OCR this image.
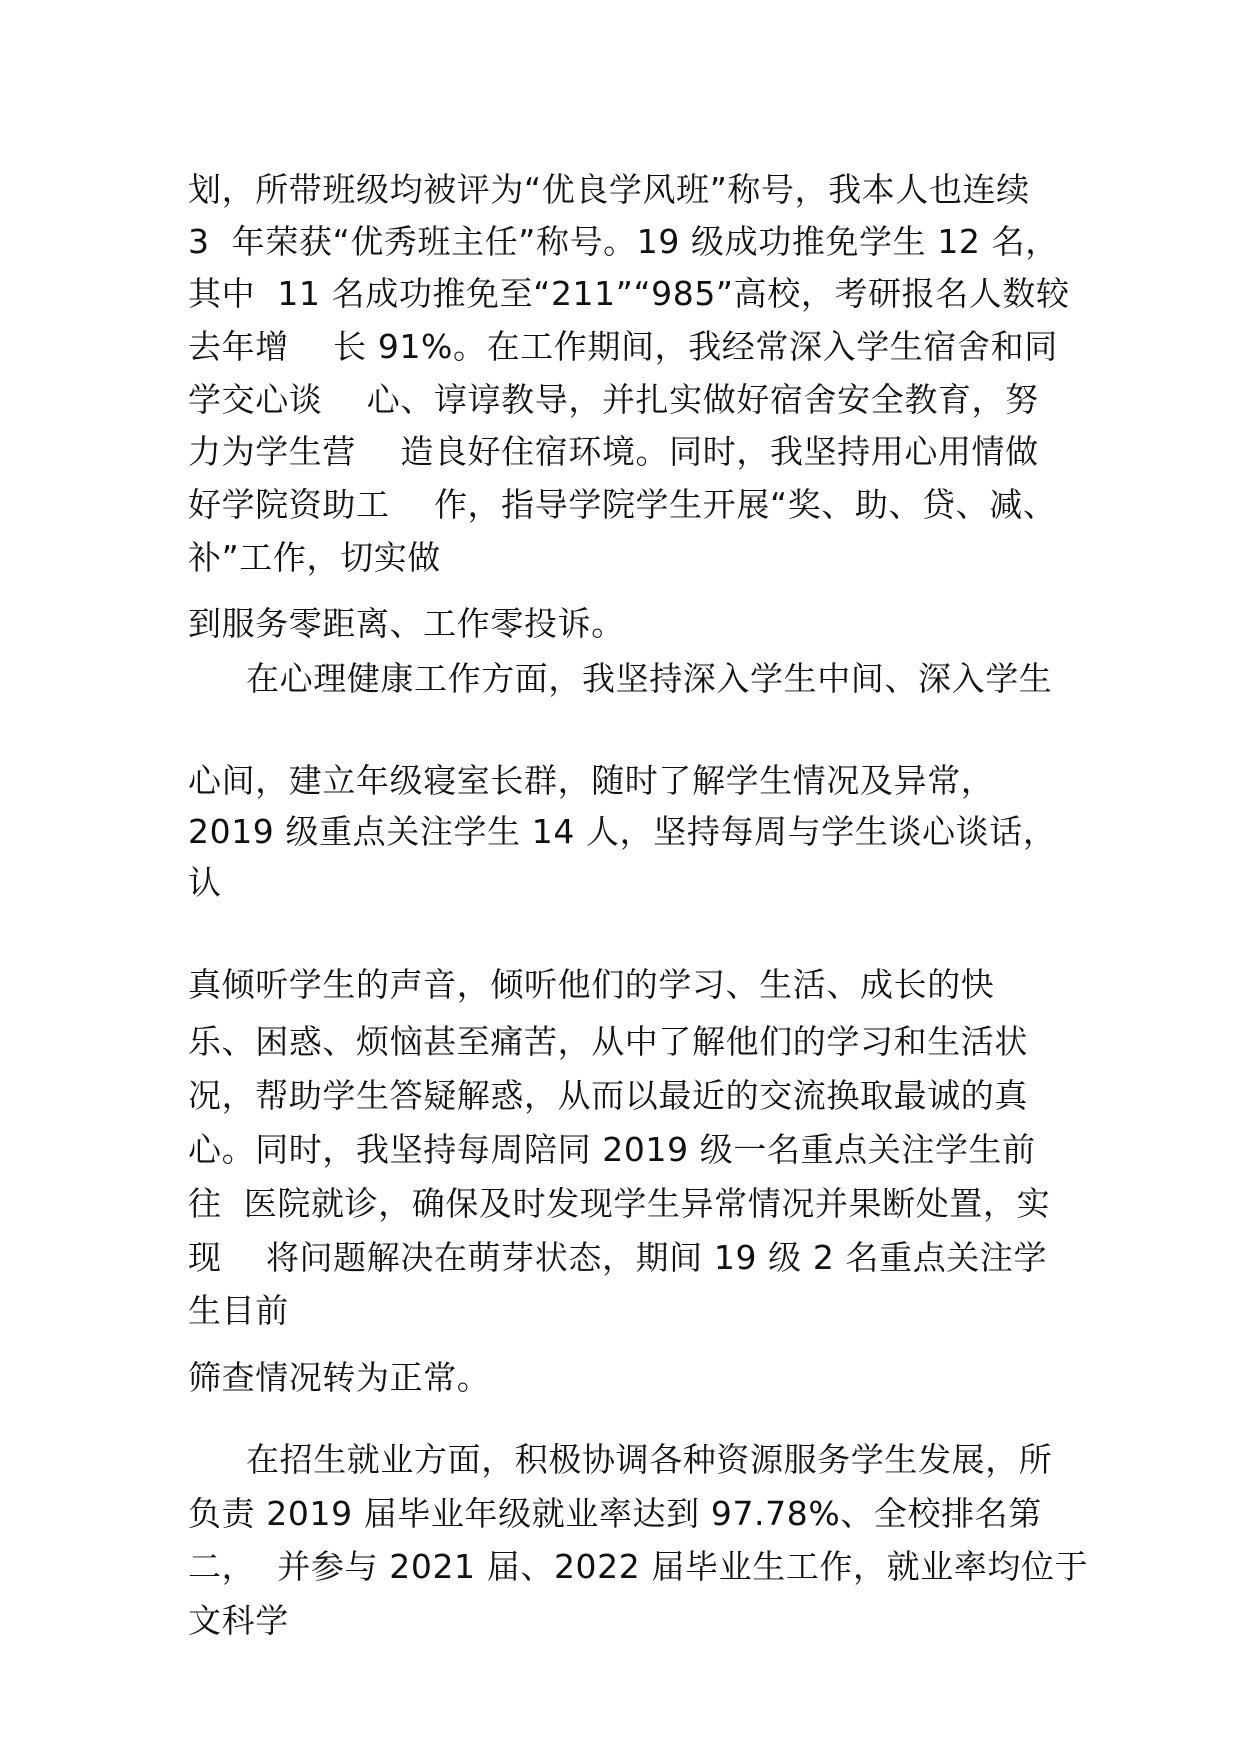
划，所带班级均被评为“优良学风班”称号，我本人也连续
3  年荣获“优秀班主任”称号。19 级成功推免学生 12 名，
其中  11 名成功推免至“211”“985”高校，考研报名人数较
去年增    长 91%。在工作期间，我经常深入学生宿舍和同
学交心谈    心、谆谆教导，并扎实做好宿舍安全教育，努
力为学生营    造良好住宿环境。同时，我坚持用心用情做
好学院资助工    作，指导学院学生开展“奖、助、贷、减、
补”工作，切实做
到服务零距离、工作零投诉。
在心理健康工作方面，我坚持深入学生中间、深入学生
心间，建立年级寝室长群，随时了解学生情况及异常，
2019 级重点关注学生 14 人，坚持每周与学生谈心谈话，
认
真倾听学生的声音，倾听他们的学习、生活、成长的快
乐、困惑、烦恼甚至痛苦，从中了解他们的学习和生活状
况，帮助学生答疑解惑，从而以最近的交流换取最诚的真
心。同时，我坚持每周陪同 2019 级一名重点关注学生前
往  医院就诊，确保及时发现学生异常情况并果断处置，实
现    将问题解决在萌芽状态，期间 19 级 2 名重点关注学
生目前
筛查情况转为正常。
在招生就业方面，积极协调各种资源服务学生发展，所
负责 2019 届毕业年级就业率达到 97.78%、全校排名第
二，  并参与 2021 届、2022 届毕业生工作，就业率均位于
文科学
